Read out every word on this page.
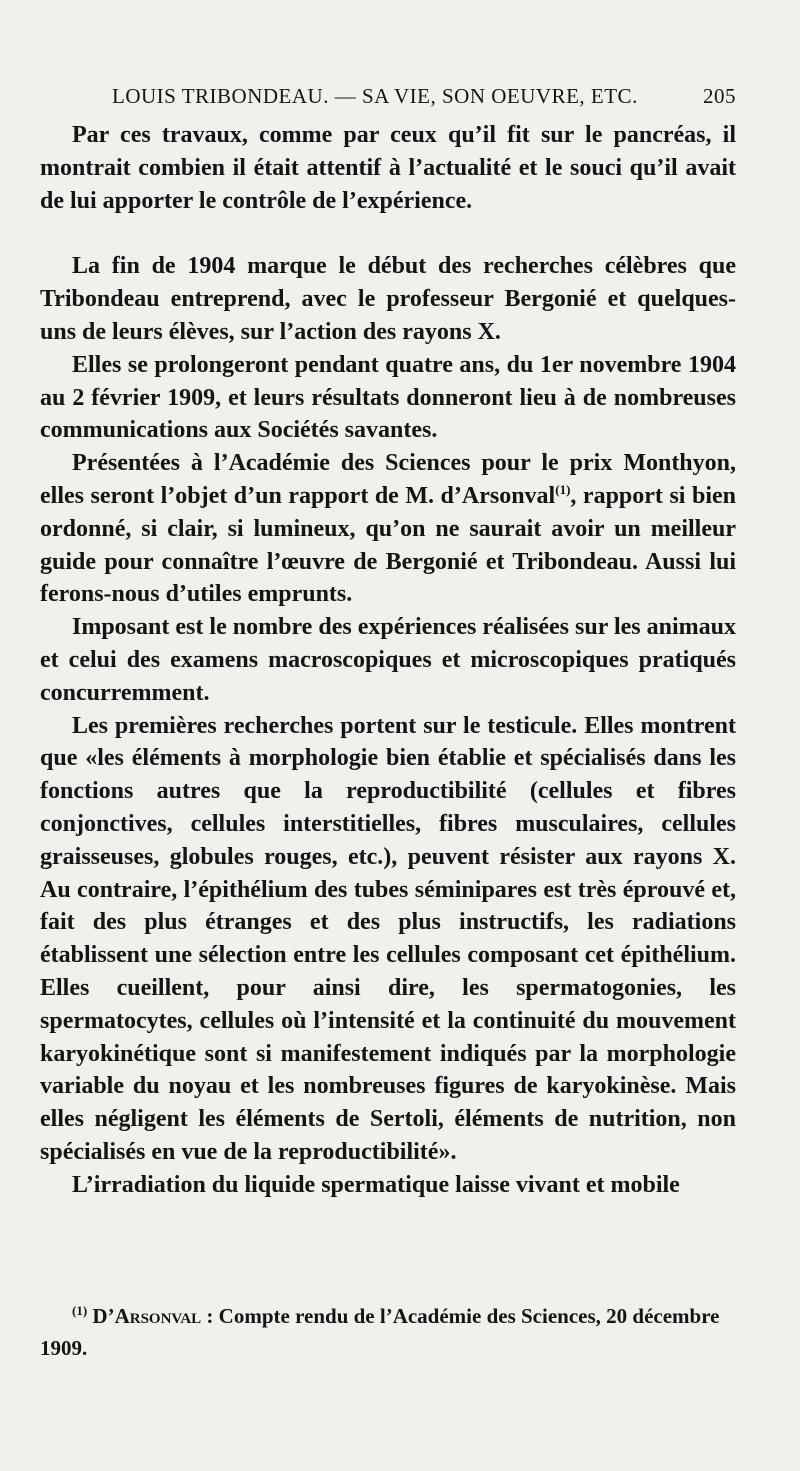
LOUIS TRIBONDEAU. — SA VIE, SON OEUVRE, ETC.	205

Par ces travaux, comme par ceux qu’il fit sur le pancréas, il montrait combien il était attentif à l’actualité et le souci qu’il avait de lui apporter le contrôle de l’expérience.

La fin de 1904 marque le début des recherches célèbres que Tribondeau entreprend, avec le professeur Bergonié et quelques-uns de leurs élèves, sur l’action des rayons X.

Elles se prolongeront pendant quatre ans, du 1er novembre 1904 au 2 février 1909, et leurs résultats donneront lieu à de nombreuses communications aux Sociétés savantes.

Présentées à l’Académie des Sciences pour le prix Monthyon, elles seront l’objet d’un rapport de M. d’Arsonval$^{(1)}$, rapport si bien ordonné, si clair, si lumineux, qu’on ne saurait avoir un meilleur guide pour connaître l’œuvre de Bergonié et Tribondeau. Aussi lui ferons-nous d’utiles emprunts.

Imposant est le nombre des expériences réalisées sur les animaux et celui des examens macroscopiques et microscopiques pratiqués concurremment.

Les premières recherches portent sur le testicule. Elles montrent que «les éléments à morphologie bien établie et spécialisés dans les fonctions autres que la reproductibilité (cellules et fibres conjonctives, cellules interstitielles, fibres musculaires, cellules graisseuses, globules rouges, etc.), peuvent résister aux rayons X. Au contraire, l’épithélium des tubes séminipares est très éprouvé et, fait des plus étranges et des plus instructifs, les radiations établissent une sélection entre les cellules composant cet épithélium. Elles cueillent, pour ainsi dire, les spermatogonies, les spermatocytes, cellules où l’intensité et la continuité du mouvement karyokinétique sont si manifestement indiqués par la morphologie variable du noyau et les nombreuses figures de karyokinèse. Mais elles négligent les éléments de Sertoli, éléments de nutrition, non spécialisés en vue de la reproductibilité».

L’irradiation du liquide spermatique laisse vivant et mobile

$^{(1)}$ D’Arsonval : Compte rendu de l’Académie des Sciences, 20 décembre 1909.
